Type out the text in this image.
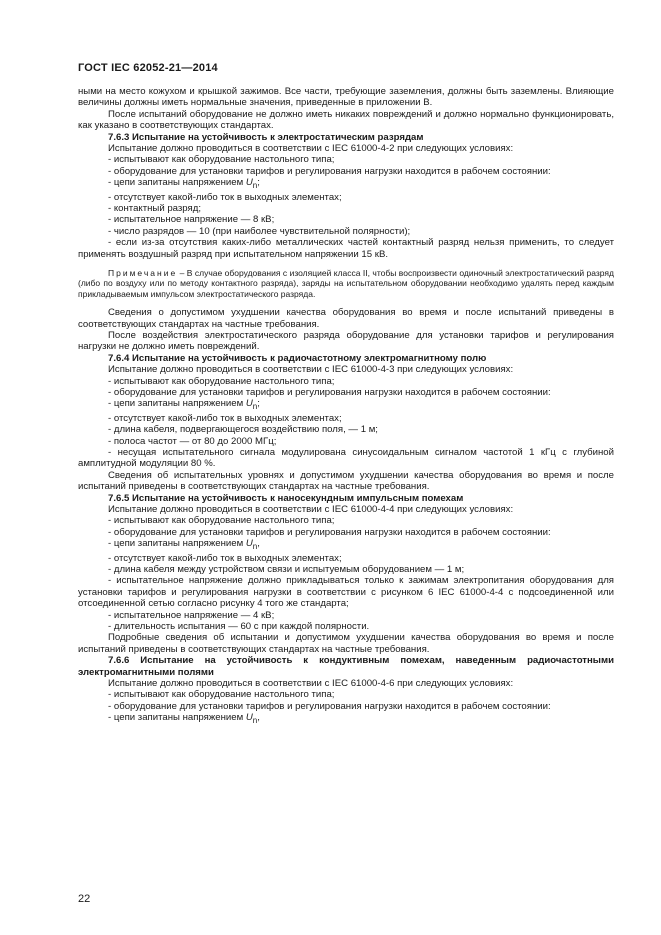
ГОСТ IEC 62052-21—2014

ными на место кожухом и крышкой зажимов. Все части, требующие заземления, должны быть заземлены. Влияющие величины должны иметь нормальные значения, приведенные в приложении В.

После испытаний оборудование не должно иметь никаких повреждений и должно нормально функционировать, как указано в соответствующих стандартах.

7.6.3 Испытание на устойчивость к электростатическим разрядам

Испытание должно проводиться в соответствии с IEC 61000-4-2 при следующих условиях:

- испытывают как оборудование настольного типа;

- оборудование для установки тарифов и регулирования нагрузки находится в рабочем состоянии:

- цепи запитаны напряжением $U_n$;

- отсутствует какой-либо ток в выходных элементах;

- контактный разряд;

- испытательное напряжение — 8 кВ;

- число разрядов — 10 (при наиболее чувствительной полярности);

- если из-за отсутствия каких-либо металлических частей контактный разряд нельзя применить, то следует применять воздушный разряд при испытательном напряжении 15 кВ.

Примечание – В случае оборудования с изоляцией класса II, чтобы воспроизвести одиночный электростатический разряд (либо по воздуху или по методу контактного разряда), заряды на испытательном оборудовании необходимо удалять перед каждым прикладываемым импульсом электростатического разряда.

Сведения о допустимом ухудшении качества оборудования во время и после испытаний приведены в соответствующих стандартах на частные требования.

После воздействия электростатического разряда оборудование для установки тарифов и регулирования нагрузки не должно иметь повреждений.

7.6.4 Испытание на устойчивость к радиочастотному электромагнитному полю

Испытание должно проводиться в соответствии с IEC 61000-4-3 при следующих условиях:

- испытывают как оборудование настольного типа;

- оборудование для установки тарифов и регулирования нагрузки находится в рабочем состоянии:

- цепи запитаны напряжением $U_n$;

- отсутствует какой-либо ток в выходных элементах;

- длина кабеля, подвергающегося воздействию поля, — 1 м;

- полоса частот — от 80 до 2000 МГц;

- несущая испытательного сигнала модулирована синусоидальным сигналом частотой 1 кГц с глубиной амплитудной модуляции 80 %.

Сведения об испытательных уровнях и допустимом ухудшении качества оборудования во время и после испытаний приведены в соответствующих стандартах на частные требования.

7.6.5 Испытание на устойчивость к наносекундным импульсным помехам

Испытание должно проводиться в соответствии с IEC 61000-4-4 при следующих условиях:

- испытывают как оборудование настольного типа;

- оборудование для установки тарифов и регулирования нагрузки находится в рабочем состоянии:

- цепи запитаны напряжением $U_n$,

- отсутствует какой-либо ток в выходных элементах;

- длина кабеля между устройством связи и испытуемым оборудованием — 1 м;

- испытательное напряжение должно прикладываться только к зажимам электропитания оборудования для установки тарифов и регулирования нагрузки в соответствии с рисунком 6 IEC 61000-4-4 с подсоединенной или отсоединенной сетью согласно рисунку 4 того же стандарта;

- испытательное напряжение — 4 кВ;

- длительность испытания — 60 с при каждой полярности.

Подробные сведения об испытании и допустимом ухудшении качества оборудования во время и после испытаний приведены в соответствующих стандартах на частные требования.

7.6.6 Испытание на устойчивость к кондуктивным помехам, наведенным радиочастотными электромагнитными полями

Испытание должно проводиться в соответствии с IEC 61000-4-6 при следующих условиях:

- испытывают как оборудование настольного типа;

- оборудование для установки тарифов и регулирования нагрузки находится в рабочем состоянии:

- цепи запитаны напряжением $U_n$,

22
